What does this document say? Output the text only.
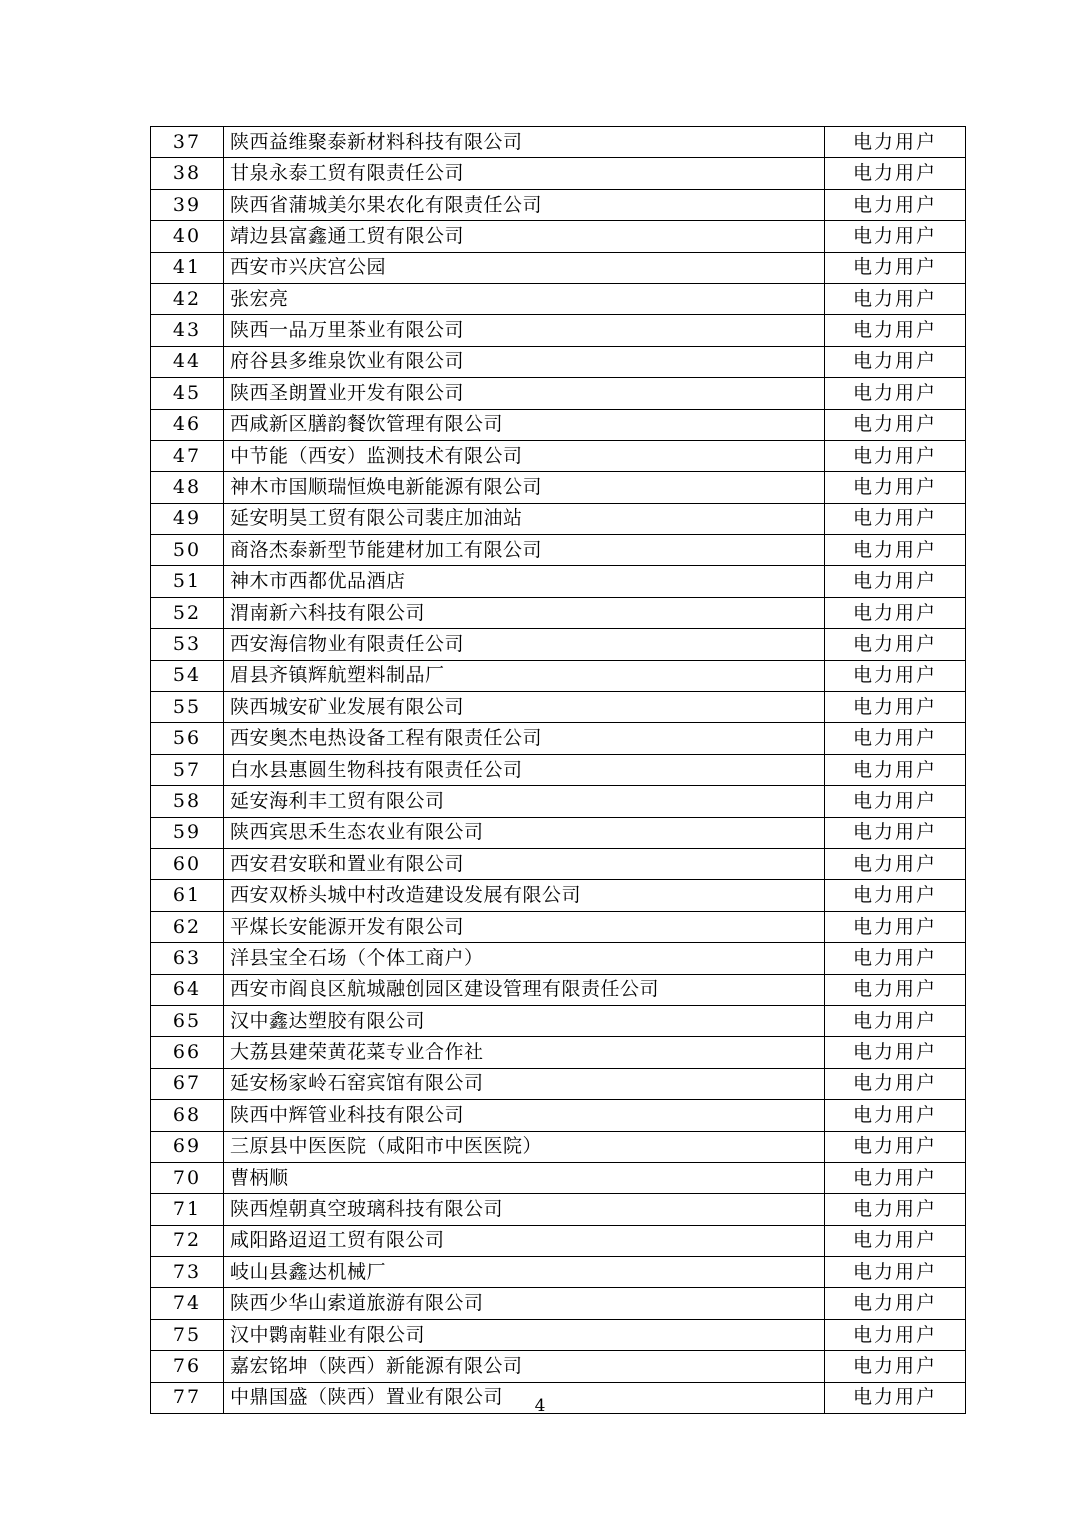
37	陕西益维聚泰新材料科技有限公司	电力用户
38	甘泉永泰工贸有限责任公司	电力用户
39	陕西省蒲城美尔果农化有限责任公司	电力用户
40	靖边县富鑫通工贸有限公司	电力用户
41	西安市兴庆宫公园	电力用户
42	张宏亮	电力用户
43	陕西一品万里茶业有限公司	电力用户
44	府谷县多维泉饮业有限公司	电力用户
45	陕西圣朗置业开发有限公司	电力用户
46	西咸新区膳韵餐饮管理有限公司	电力用户
47	中节能（西安）监测技术有限公司	电力用户
48	神木市国顺瑞恒焕电新能源有限公司	电力用户
49	延安明昊工贸有限公司裴庄加油站	电力用户
50	商洛杰泰新型节能建材加工有限公司	电力用户
51	神木市西都优品酒店	电力用户
52	渭南新六科技有限公司	电力用户
53	西安海信物业有限责任公司	电力用户
54	眉县齐镇辉航塑料制品厂	电力用户
55	陕西城安矿业发展有限公司	电力用户
56	西安奥杰电热设备工程有限责任公司	电力用户
57	白水县惠圆生物科技有限责任公司	电力用户
58	延安海利丰工贸有限公司	电力用户
59	陕西宾思禾生态农业有限公司	电力用户
60	西安君安联和置业有限公司	电力用户
61	西安双桥头城中村改造建设发展有限公司	电力用户
62	平煤长安能源开发有限公司	电力用户
63	洋县宝全石场（个体工商户）	电力用户
64	西安市阎良区航城融创园区建设管理有限责任公司	电力用户
65	汉中鑫达塑胶有限公司	电力用户
66	大荔县建荣黄花菜专业合作社	电力用户
67	延安杨家岭石窑宾馆有限公司	电力用户
68	陕西中辉管业科技有限公司	电力用户
69	三原县中医医院（咸阳市中医医院）	电力用户
70	曹柄顺	电力用户
71	陕西煌朝真空玻璃科技有限公司	电力用户
72	咸阳路迢迢工贸有限公司	电力用户
73	岐山县鑫达机械厂	电力用户
74	陕西少华山索道旅游有限公司	电力用户
75	汉中鹮南鞋业有限公司	电力用户
76	嘉宏铭坤（陕西）新能源有限公司	电力用户
77	中鼎国盛（陕西）置业有限公司	电力用户
4
